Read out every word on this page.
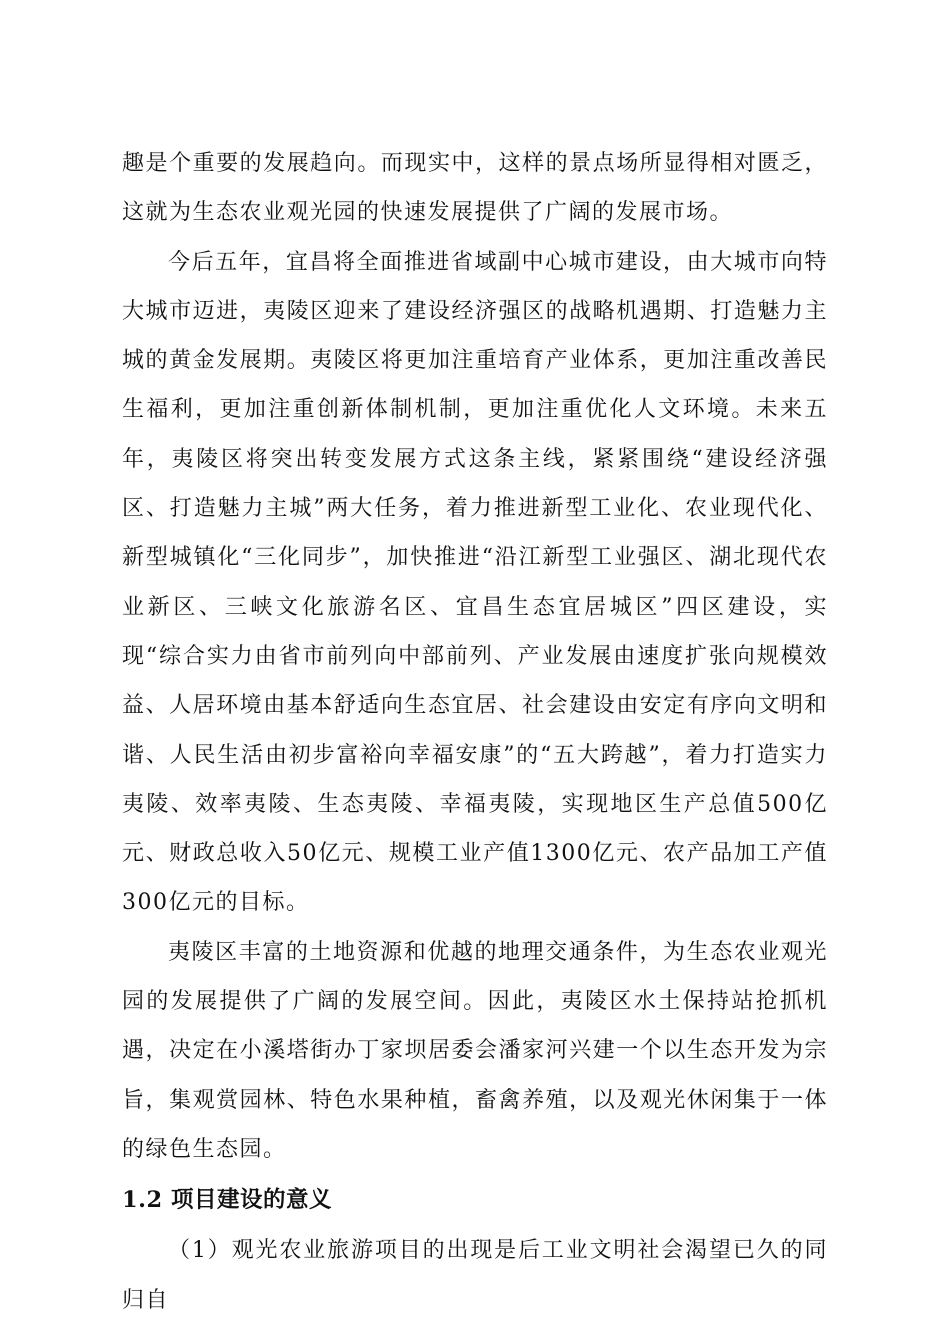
趣是个重要的发展趋向。而现实中，这样的景点场所显得相对匮乏，这就为生态农业观光园的快速发展提供了广阔的发展市场。

今后五年，宜昌将全面推进省域副中心城市建设，由大城市向特大城市迈进，夷陵区迎来了建设经济强区的战略机遇期、打造魅力主城的黄金发展期。夷陵区将更加注重培育产业体系，更加注重改善民生福利，更加注重创新体制机制，更加注重优化人文环境。未来五年，夷陵区将突出转变发展方式这条主线，紧紧围绕“建设经济强区、打造魅力主城”两大任务，着力推进新型工业化、农业现代化、新型城镇化“三化同步”，加快推进“沿江新型工业强区、湖北现代农业新区、三峡文化旅游名区、宜昌生态宜居城区”四区建设，实现“综合实力由省市前列向中部前列、产业发展由速度扩张向规模效益、人居环境由基本舒适向生态宜居、社会建设由安定有序向文明和谐、人民生活由初步富裕向幸福安康”的“五大跨越”，着力打造实力夷陵、效率夷陵、生态夷陵、幸福夷陵，实现地区生产总值500亿元、财政总收入50亿元、规模工业产值1300亿元、农产品加工产值300亿元的目标。

夷陵区丰富的土地资源和优越的地理交通条件，为生态农业观光园的发展提供了广阔的发展空间。因此，夷陵区水土保持站抢抓机遇，决定在小溪塔街办丁家坝居委会潘家河兴建一个以生态开发为宗旨，集观赏园林、特色水果种植，畜禽养殖，以及观光休闲集于一体的绿色生态园。

1.2 项目建设的意义

（1）观光农业旅游项目的出现是后工业文明社会渴望已久的同归自
